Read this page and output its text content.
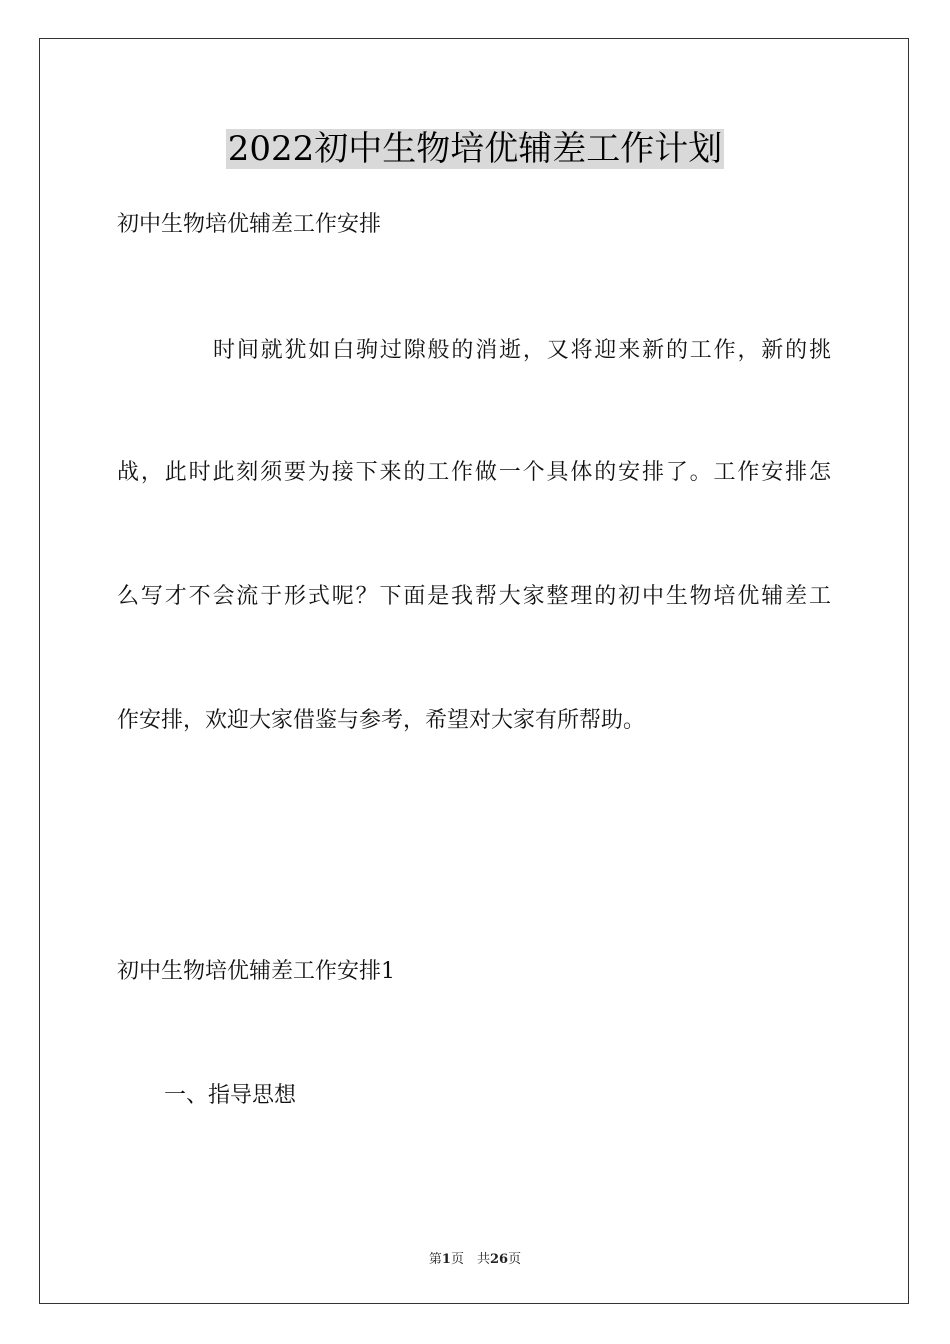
2022初中生物培优辅差工作计划

初中生物培优辅差工作安排

时间就犹如白驹过隙般的消逝，又将迎来新的工作，新的挑

战，此时此刻须要为接下来的工作做一个具体的安排了。工作安排怎

么写才不会流于形式呢？下面是我帮大家整理的初中生物培优辅差工

作安排，欢迎大家借鉴与参考，希望对大家有所帮助。

初中生物培优辅差工作安排1

一、指导思想

第1页　共26页
